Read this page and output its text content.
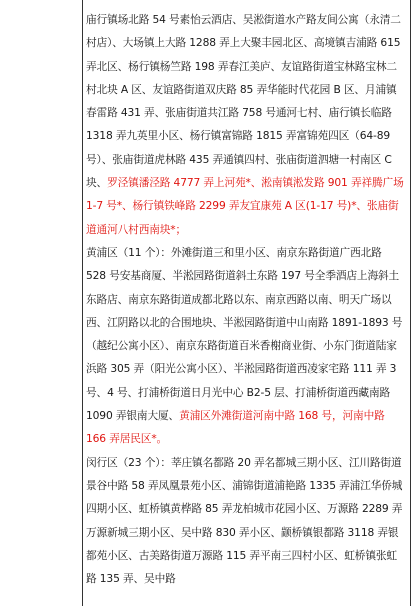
庙行镇场北路 54 号素怡云酒店、吴淞街道水产路友间公寓（永清二村店）、大场镇上大路 1288 弄上大聚丰园北区、高境镇吉浦路 615 弄北区、杨行镇杨竺路 198 弄春江美庐、友谊路街道宝林路宝林二村北块 A 区、友谊路街道双庆路 85 弄华能时代花园 B 区、月浦镇春雷路 431 弄、张庙街道共江路 758 号通河七村、庙行镇长临路 1318 弄九英里小区、杨行镇富锦路 1815 弄富锦苑四区（64-89 号）、张庙街道虎林路 435 弄通镇四村、张庙街道泗塘一村南区 C 块、罗泾镇潘泾路 4777 弄上河苑*、淞南镇淞发路 901 弄祥腾广场 1-7 号*、杨行镇铁峰路 2299 弄友宜康苑 A 区(1-17 号)*、张庙街道通河八村西南块*；

黄浦区（11 个）：外滩街道三和里小区、南京东路街道广西北路 528 号安基商厦、半淞园路街道斜土东路 197 号全季酒店上海斜土东路店、南京东路街道成都北路以东、南京西路以南、明天广场以西、江阴路以北的合围地块、半淞园路街道中山南路 1891-1893 号（越纪公寓小区）、南京东路街道百米香榭商业街、小东门街道陆家浜路 305 弄（阳光公寓小区）、半淞园路街道西凌家宅路 111 弄 3 号、4 号、打浦桥街道日月光中心 B2-5 层、打浦桥街道西藏南路 1090 弄银南大厦、黄浦区外滩街道河南中路 168 号，河南中路 166 弄居民区*。

闵行区（23 个）：莘庄镇名都路 20 弄名都城三期小区、江川路街道景谷中路 58 弄凤凰景苑小区、浦锦街道浦艳路 1335 弄浦江华侨城四期小区、虹桥镇黄桦路 85 弄龙柏城市花园小区、万源路 2289 弄万源新城三期小区、吴中路 830 弄小区、颛桥镇银都路 3118 弄银都苑小区、古美路街道万源路 115 弄平南三四村小区、虹桥镇张虹路 135 弄、吴中路
